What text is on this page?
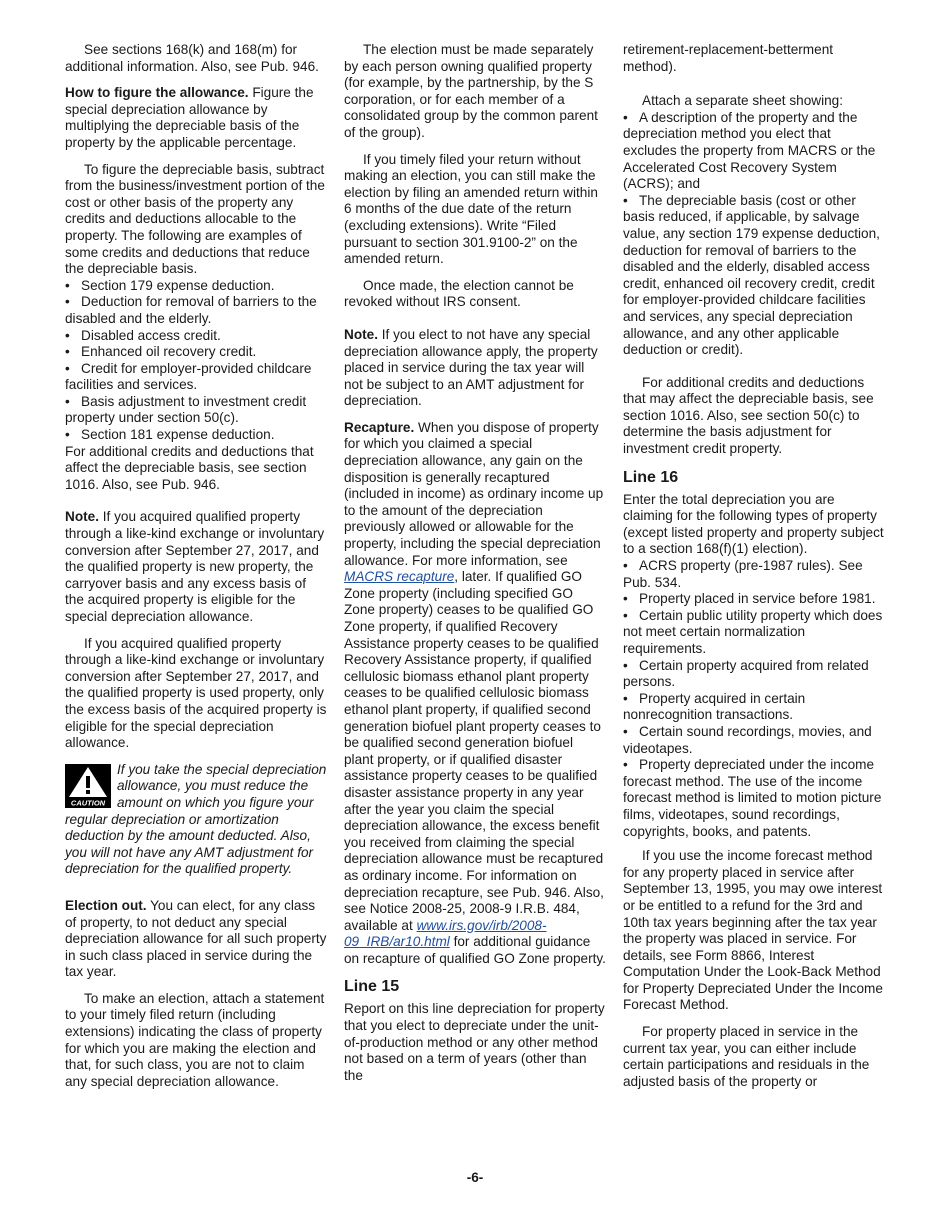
See sections 168(k) and 168(m) for additional information. Also, see Pub. 946.

How to figure the allowance. Figure the special depreciation allowance by multiplying the depreciable basis of the property by the applicable percentage.

To figure the depreciable basis, subtract from the business/investment portion of the cost or other basis of the property any credits and deductions allocable to the property. The following are examples of some credits and deductions that reduce the depreciable basis.

• Section 179 expense deduction.
• Deduction for removal of barriers to the disabled and the elderly.
• Disabled access credit.
• Enhanced oil recovery credit.
• Credit for employer-provided childcare facilities and services.
• Basis adjustment to investment credit property under section 50(c).
• Section 181 expense deduction.

For additional credits and deductions that affect the depreciable basis, see section 1016. Also, see Pub. 946.

Note. If you acquired qualified property through a like-kind exchange or involuntary conversion after September 27, 2017, and the qualified property is new property, the carryover basis and any excess basis of the acquired property is eligible for the special depreciation allowance.

If you acquired qualified property through a like-kind exchange or involuntary conversion after September 27, 2017, and the qualified property is used property, only the excess basis of the acquired property is eligible for the special depreciation allowance.

CAUTION
If you take the special depreciation allowance, you must reduce the amount on which you figure your regular depreciation or amortization deduction by the amount deducted. Also, you will not have any AMT adjustment for depreciation for the qualified property.

Election out. You can elect, for any class of property, to not deduct any special depreciation allowance for all such property in such class placed in service during the tax year.

To make an election, attach a statement to your timely filed return (including extensions) indicating the class of property for which you are making the election and that, for such class, you are not to claim any special depreciation allowance.

The election must be made separately by each person owning qualified property (for example, by the partnership, by the S corporation, or for each member of a consolidated group by the common parent of the group).

If you timely filed your return without making an election, you can still make the election by filing an amended return within 6 months of the due date of the return (excluding extensions). Write “Filed pursuant to section 301.9100-2” on the amended return.

Once made, the election cannot be revoked without IRS consent.

Note. If you elect to not have any special depreciation allowance apply, the property placed in service during the tax year will not be subject to an AMT adjustment for depreciation.

Recapture. When you dispose of property for which you claimed a special depreciation allowance, any gain on the disposition is generally recaptured (included in income) as ordinary income up to the amount of the depreciation previously allowed or allowable for the property, including the special depreciation allowance. For more information, see MACRS recapture, later. If qualified GO Zone property (including specified GO Zone property) ceases to be qualified GO Zone property, if qualified Recovery Assistance property ceases to be qualified Recovery Assistance property, if qualified cellulosic biomass ethanol plant property ceases to be qualified cellulosic biomass ethanol plant property, if qualified second generation biofuel plant property ceases to be qualified second generation biofuel plant property, or if qualified disaster assistance property ceases to be qualified disaster assistance property in any year after the year you claim the special depreciation allowance, the excess benefit you received from claiming the special depreciation allowance must be recaptured as ordinary income. For information on depreciation recapture, see Pub. 946. Also, see Notice 2008-25, 2008-9 I.R.B. 484, available at www.irs.gov/irb/2008-09_IRB/ar10.html for additional guidance on recapture of qualified GO Zone property.

Line 15

Report on this line depreciation for property that you elect to depreciate under the unit-of-production method or any other method not based on a term of years (other than the

retirement-replacement-betterment method).

Attach a separate sheet showing:

• A description of the property and the depreciation method you elect that excludes the property from MACRS or the Accelerated Cost Recovery System (ACRS); and
• The depreciable basis (cost or other basis reduced, if applicable, by salvage value, any section 179 expense deduction, deduction for removal of barriers to the disabled and the elderly, disabled access credit, enhanced oil recovery credit, credit for employer-provided childcare facilities and services, any special depreciation allowance, and any other applicable deduction or credit).

For additional credits and deductions that may affect the depreciable basis, see section 1016. Also, see section 50(c) to determine the basis adjustment for investment credit property.

Line 16

Enter the total depreciation you are claiming for the following types of property (except listed property and property subject to a section 168(f)(1) election).

• ACRS property (pre-1987 rules). See Pub. 534.
• Property placed in service before 1981.
• Certain public utility property which does not meet certain normalization requirements.
• Certain property acquired from related persons.
• Property acquired in certain nonrecognition transactions.
• Certain sound recordings, movies, and videotapes.
• Property depreciated under the income forecast method. The use of the income forecast method is limited to motion picture films, videotapes, sound recordings, copyrights, books, and patents.

If you use the income forecast method for any property placed in service after September 13, 1995, you may owe interest or be entitled to a refund for the 3rd and 10th tax years beginning after the tax year the property was placed in service. For details, see Form 8866, Interest Computation Under the Look-Back Method for Property Depreciated Under the Income Forecast Method.

For property placed in service in the current tax year, you can either include certain participations and residuals in the adjusted basis of the property or

-6-
